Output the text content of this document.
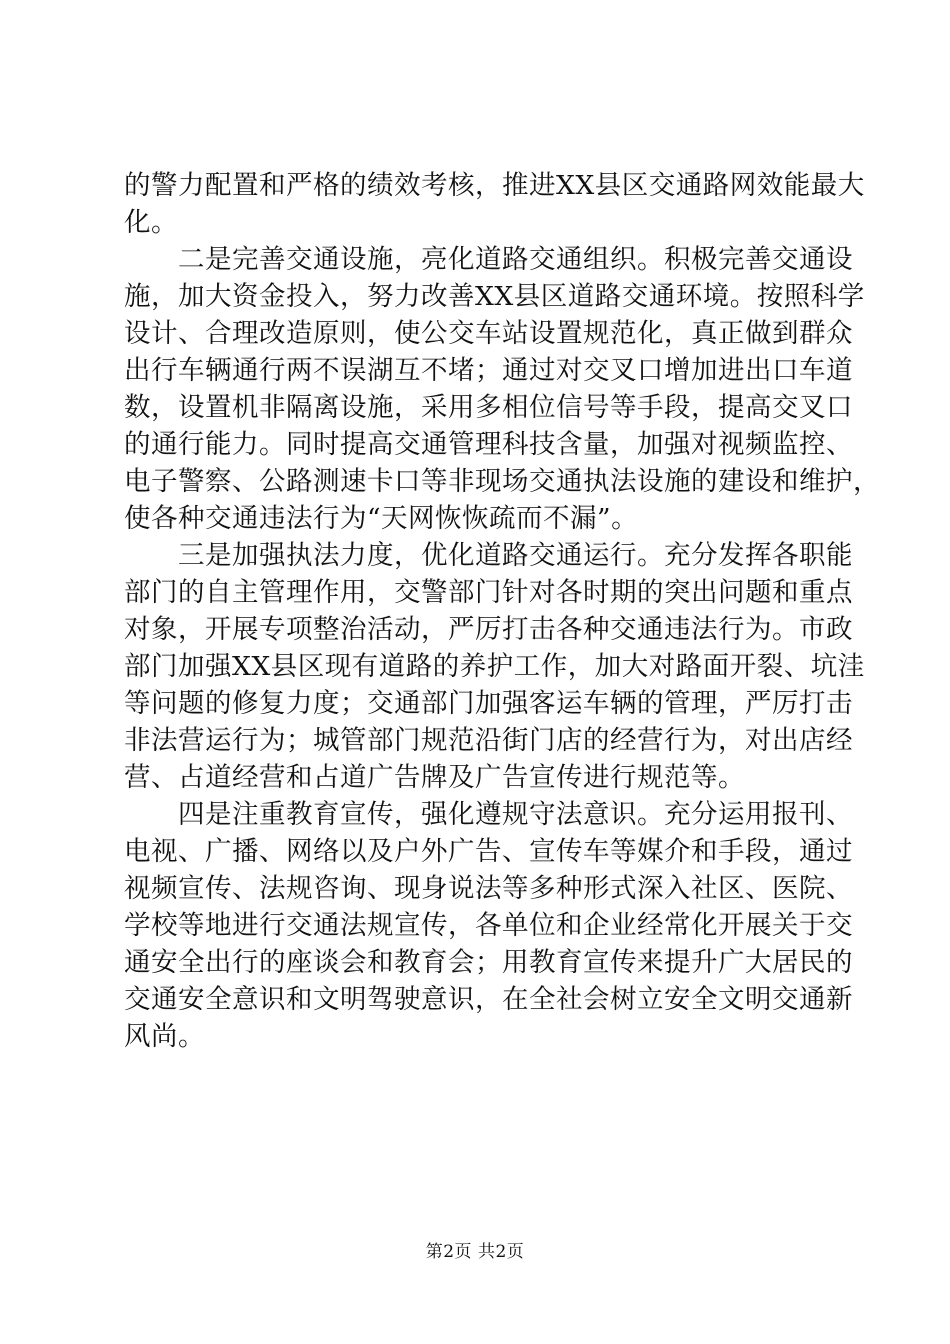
的警力配置和严格的绩效考核，推进XX县区交通路网效能最大
化。
二是完善交通设施，亮化道路交通组织。积极完善交通设
施，加大资金投入，努力改善XX县区道路交通环境。按照科学
设计、合理改造原则，使公交车站设置规范化，真正做到群众
出行车辆通行两不误湖互不堵；通过对交叉口增加进出口车道
数，设置机非隔离设施，采用多相位信号等手段，提高交叉口
的通行能力。同时提高交通管理科技含量，加强对视频监控、
电子警察、公路测速卡口等非现场交通执法设施的建设和维护，
使各种交通违法行为“天网恢恢疏而不漏”。
三是加强执法力度，优化道路交通运行。充分发挥各职能
部门的自主管理作用，交警部门针对各时期的突出问题和重点
对象，开展专项整治活动，严厉打击各种交通违法行为。市政
部门加强XX县区现有道路的养护工作，加大对路面开裂、坑洼
等问题的修复力度；交通部门加强客运车辆的管理，严厉打击
非法营运行为；城管部门规范沿街门店的经营行为，对出店经
营、占道经营和占道广告牌及广告宣传进行规范等。
四是注重教育宣传，强化遵规守法意识。充分运用报刊、
电视、广播、网络以及户外广告、宣传车等媒介和手段，通过
视频宣传、法规咨询、现身说法等多种形式深入社区、医院、
学校等地进行交通法规宣传，各单位和企业经常化开展关于交
通安全出行的座谈会和教育会；用教育宣传来提升广大居民的
交通安全意识和文明驾驶意识，在全社会树立安全文明交通新
风尚。
第2页 共2页
